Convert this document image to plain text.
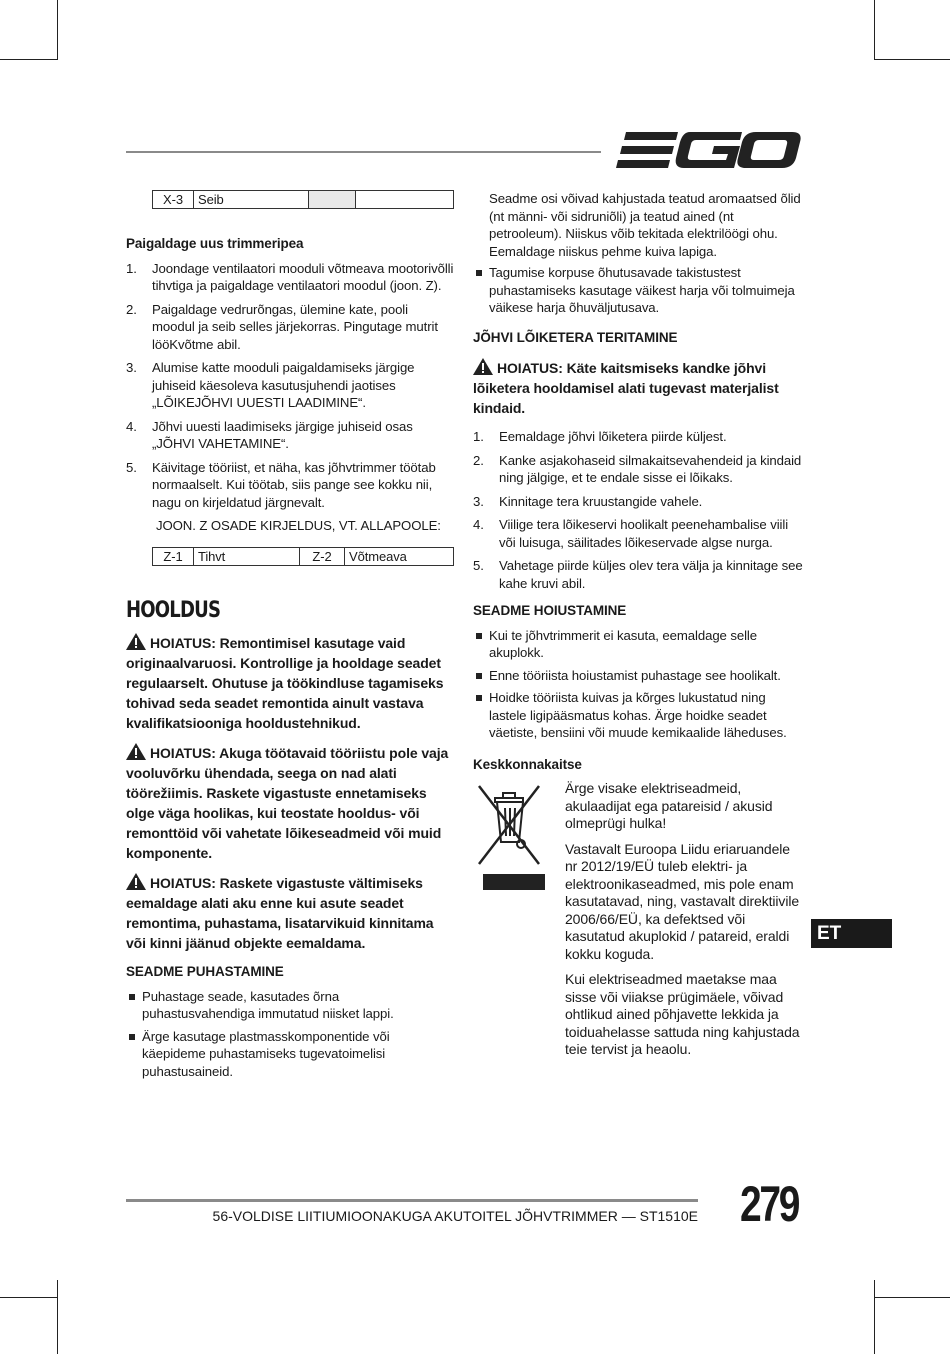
EGO
X-3	Seib		
Paigaldage uus trimmeripea
1. Joondage ventilaatori mooduli võtmeava mootorivõlli tihvtiga ja paigaldage ventilaatori moodul (joon. Z).
2. Paigaldage vedrurõngas, ülemine kate, pooli moodul ja seib selles järjekorras. Pingutage mutrit lööKvõtme abil.
3. Alumise katte mooduli paigaldamiseks järgige juhiseid käesoleva kasutusjuhendi jaotises „LÕIKEJÕHVI UUESTI LAADIMINE“.
4. Jõhvi uuesti laadimiseks järgige juhiseid osas „JÕHVI VAHETAMINE“.
5. Käivitage tööriist, et näha, kas jõhvtrimmer töötab normaalselt. Kui töötab, siis pange see kokku nii, nagu on kirjeldatud järgnevalt.
JOON. Z OSADE KIRJELDUS, VT. ALLAPOOLE:
Z-1	Tihvt	Z-2	Võtmeava
HOOLDUS

HOIATUS: Remontimisel kasutage vaid originaalvaruosi. Kontrollige ja hooldage seadet regulaarselt. Ohutuse ja töökindluse tagamiseks tohivad seda seadet remontida ainult vastava kvalifikatsiooniga hooldustehnikud.

HOIATUS: Akuga töötavaid tööriistu pole vaja vooluvõrku ühendada, seega on nad alati töörežiimis. Raskete vigastuste ennetamiseks olge väga hoolikas, kui teostate hooldus- või remonttöid või vahetate lõikeseadmeid või muid komponente.

HOIATUS: Raskete vigastuste vältimiseks eemaldage alati aku enne kui asute seadet remontima, puhastama, lisatarvikuid kinnitama või kinni jäänud objekte eemaldama.

SEADME PUHASTAMINE
Puhastage seade, kasutades õrna puhastusvahendiga immutatud niisket lappi.
Ärge kasutage plastmasskomponentide või käepideme puhastamiseks tugevatoimelisi puhastusaineid.

Seadme osi võivad kahjustada teatud aromaatsed õlid (nt männi- või sidruniõli) ja teatud ained (nt petrooleum). Niiskus võib tekitada elektrilöögi ohu. Eemaldage niiskus pehme kuiva lapiga.

Tagumise korpuse õhutusavade takistustest puhastamiseks kasutage väikest harja või tolmuimeja väikese harja õhuväljutusava.
JÕHVI LÕIKETERA TERITAMINE

HOIATUS: Käte kaitsmiseks kandke jõhvi lõiketera hooldamisel alati tugevast materjalist kindaid.

1. Eemaldage jõhvi lõiketera piirde küljest.
2. Kanke asjakohaseid silmakaitsevahendeid ja kindaid ning jälgige, et te endale sisse ei lõikaks.
3. Kinnitage tera kruustangide vahele.
4. Viilige tera lõikeservi hoolikalt peenehambalise viili või luisuga, säilitades lõikeservade algse nurga.
5. Vahetage piirde küljes olev tera välja ja kinnitage see kahe kruvi abil.
SEADME HOIUSTAMINE
Kui te jõhvtrimmerit ei kasuta, eemaldage selle akuplokk.
Enne tööriista hoiustamist puhastage see hoolikalt.
Hoidke tööriista kuivas ja kõrges lukustatud ning lastele ligipääsmatus kohas. Ärge hoidke seadet väetiste, bensiini või muude kemikaalide läheduses.
Keskkonnakaitse

Ärge visake elektriseadmeid, akulaadijat ega patareisid / akusid olmeprügi hulka!

Vastavalt Euroopa Liidu eriaruandele nr 2012/19/EÜ tuleb elektri- ja elektroonikaseadmed, mis pole enam kasutatavad, ning, vastavalt direktiivile 2006/66/EÜ, ka defektsed või kasutatud akuplokid / patareid, eraldi kokku koguda.

Kui elektriseadmed maetakse maa sisse või viiakse prügimäele, võivad ohtlikud ained põhjavette lekkida ja toiduahelasse sattuda ning kahjustada teie tervist ja heaolu.

ET
56-VOLDISE LIITIUMIOONAKUGA AKUTOITEL JÕHVTRIMMER — ST1510E 279
